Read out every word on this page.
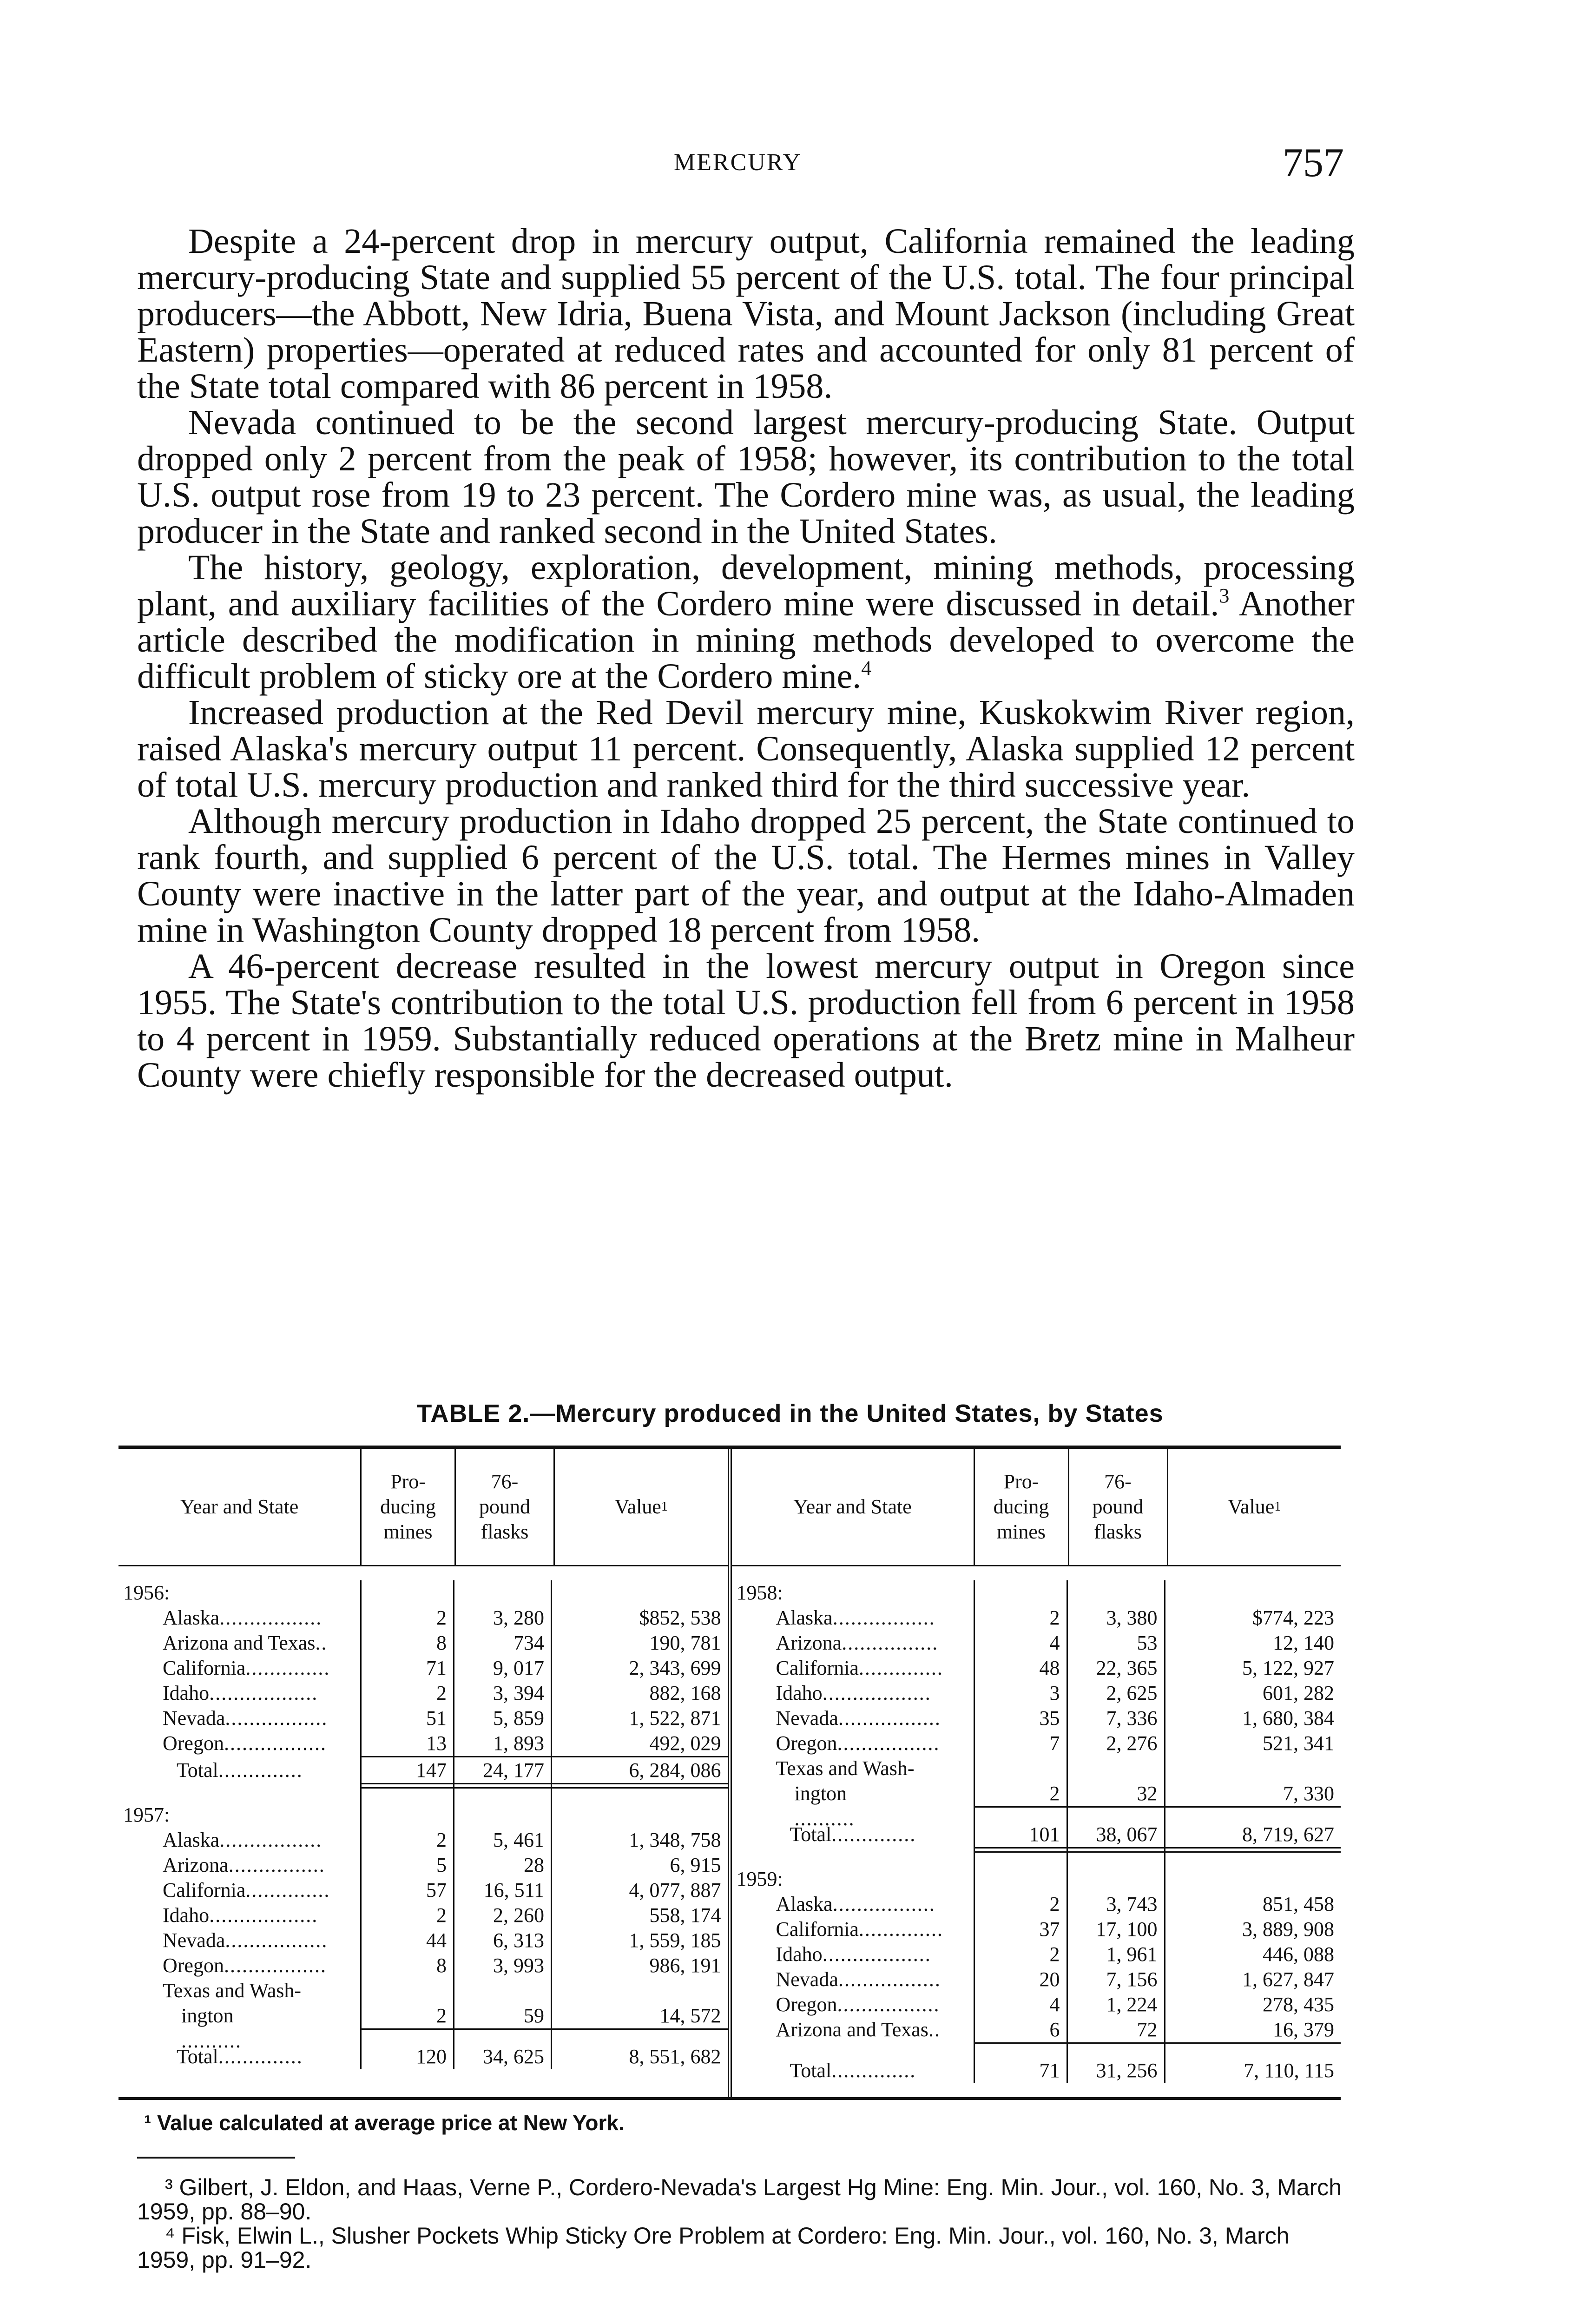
MERCURY	757

Despite a 24-percent drop in mercury output, California remained the leading mercury-producing State and supplied 55 percent of the U.S. total. The four principal producers—the Abbott, New Idria, Buena Vista, and Mount Jackson (including Great Eastern) properties—operated at reduced rates and accounted for only 81 percent of the State total compared with 86 percent in 1958.

Nevada continued to be the second largest mercury-producing State. Output dropped only 2 percent from the peak of 1958; however, its contribution to the total U.S. output rose from 19 to 23 percent. The Cordero mine was, as usual, the leading producer in the State and ranked second in the United States.

The history, geology, exploration, development, mining methods, processing plant, and auxiliary facilities of the Cordero mine were discussed in detail.$^3$ Another article described the modification in mining methods developed to overcome the difficult problem of sticky ore at the Cordero mine.$^4$

Increased production at the Red Devil mercury mine, Kuskokwim River region, raised Alaska's mercury output 11 percent. Consequently, Alaska supplied 12 percent of total U.S. mercury production and ranked third for the third successive year.

Although mercury production in Idaho dropped 25 percent, the State continued to rank fourth, and supplied 6 percent of the U.S. total. The Hermes mines in Valley County were inactive in the latter part of the year, and output at the Idaho-Almaden mine in Washington County dropped 18 percent from 1958.

A 46-percent decrease resulted in the lowest mercury output in Oregon since 1955. The State's contribution to the total U.S. production fell from 6 percent in 1958 to 4 percent in 1959. Substantially reduced operations at the Bretz mine in Malheur County were chiefly responsible for the decreased output.

TABLE 2.—Mercury produced in the United States, by States
Year and State
Pro-
ducing
mines
76-
pound
flasks
Value 1
1956:
Alaska.................	2	3, 280	$852, 538
Arizona and Texas..	8	734	190, 781
California..............	71	9, 017	2, 343, 699
Idaho..................	2	3, 394	882, 168
Nevada.................	51	5, 859	1, 522, 871
Oregon.................	13	1, 893	492, 029
Total..............	147	24, 177	6, 284, 086
1957:
Alaska.................	2	5, 461	1, 348, 758
Arizona................	5	28	6, 915
California..............	57	16, 511	4, 077, 887
Idaho..................	2	2, 260	558, 174
Nevada.................	44	6, 313	1, 559, 185
Oregon.................	8	3, 993	986, 191
Texas and Wash-
ington
..........
2	59	14, 572
Total..............	120	34, 625	8, 551, 682
Year and State
Pro-
ducing
mines
76-
pound
flasks
Value 1
1958:
Alaska.................	2	3, 380	$774, 223
Arizona................	4	53	12, 140
California..............	48	22, 365	5, 122, 927
Idaho..................	3	2, 625	601, 282
Nevada.................	35	7, 336	1, 680, 384
Oregon.................	7	2, 276	521, 341
Texas and Wash-
ington
..........
2	32	7, 330
Total..............	101	38, 067	8, 719, 627
1959:
Alaska.................	2	3, 743	851, 458
California..............	37	17, 100	3, 889, 908
Idaho..................	2	1, 961	446, 088
Nevada.................	20	7, 156	1, 627, 847
Oregon.................	4	1, 224	278, 435
Arizona and Texas..	6	72	16, 379
Total..............	71	31, 256	7, 110, 115
¹ Value calculated at average price at New York.

³ Gilbert, J. Eldon, and Haas, Verne P., Cordero-Nevada's Largest Hg Mine: Eng. Min. Jour., vol. 160, No. 3, March 1959, pp. 88–90.

⁴ Fisk, Elwin L., Slusher Pockets Whip Sticky Ore Problem at Cordero: Eng. Min. Jour., vol. 160, No. 3, March 1959, pp. 91–92.
